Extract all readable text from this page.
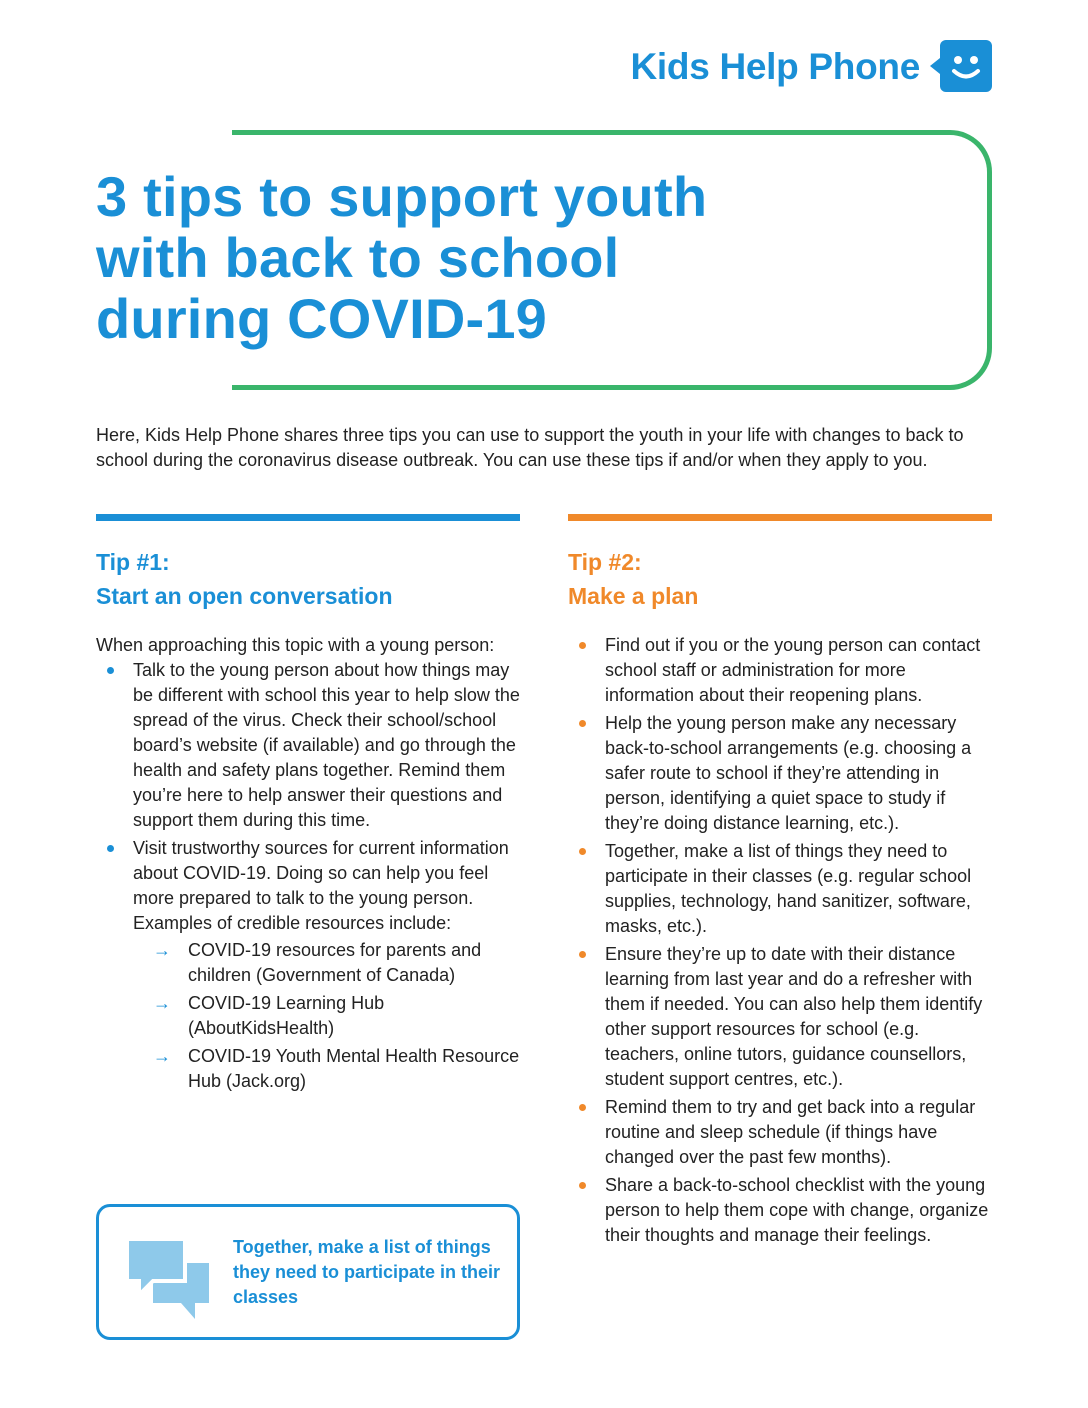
Kids Help Phone
3 tips to support youth
with back to school
during COVID-19

Here, Kids Help Phone shares three tips you can use to support the youth in your life with changes to back to school during the coronavirus disease outbreak. You can use these tips if and/or when they apply to you.

Tip #1:
Start an open conversation

When approaching this topic with a young person:

Talk to the young person about how things may be different with school this year to help slow the spread of the virus. Check their school/school board’s website (if available) and go through the health and safety plans together. Remind them you’re here to help answer their questions and support them during this time.
Visit trustworthy sources for current information about COVID-19. Doing so can help you feel more prepared to talk to the young person. Examples of credible resources include:
→ COVID-19 resources for parents and children (Government of Canada)
→ COVID-19 Learning Hub (AboutKidsHealth)
→ COVID-19 Youth Mental Health Resource Hub (Jack.org)

Together, make a list of things they need to participate in their classes

Tip #2:
Make a plan
Find out if you or the young person can contact school staff or administration for more information about their reopening plans.
Help the young person make any necessary back-to-school arrangements (e.g. choosing a safer route to school if they’re attending in person, identifying a quiet space to study if they’re doing distance learning, etc.).
Together, make a list of things they need to participate in their classes (e.g. regular school supplies, technology, hand sanitizer, software, masks, etc.).
Ensure they’re up to date with their distance learning from last year and do a refresher with them if needed. You can also help them identify other support resources for school (e.g. teachers, online tutors, guidance counsellors, student support centres, etc.).
Remind them to try and get back into a regular routine and sleep schedule (if things have changed over the past few months).
Share a back-to-school checklist with the young person to help them cope with change, organize their thoughts and manage their feelings.
